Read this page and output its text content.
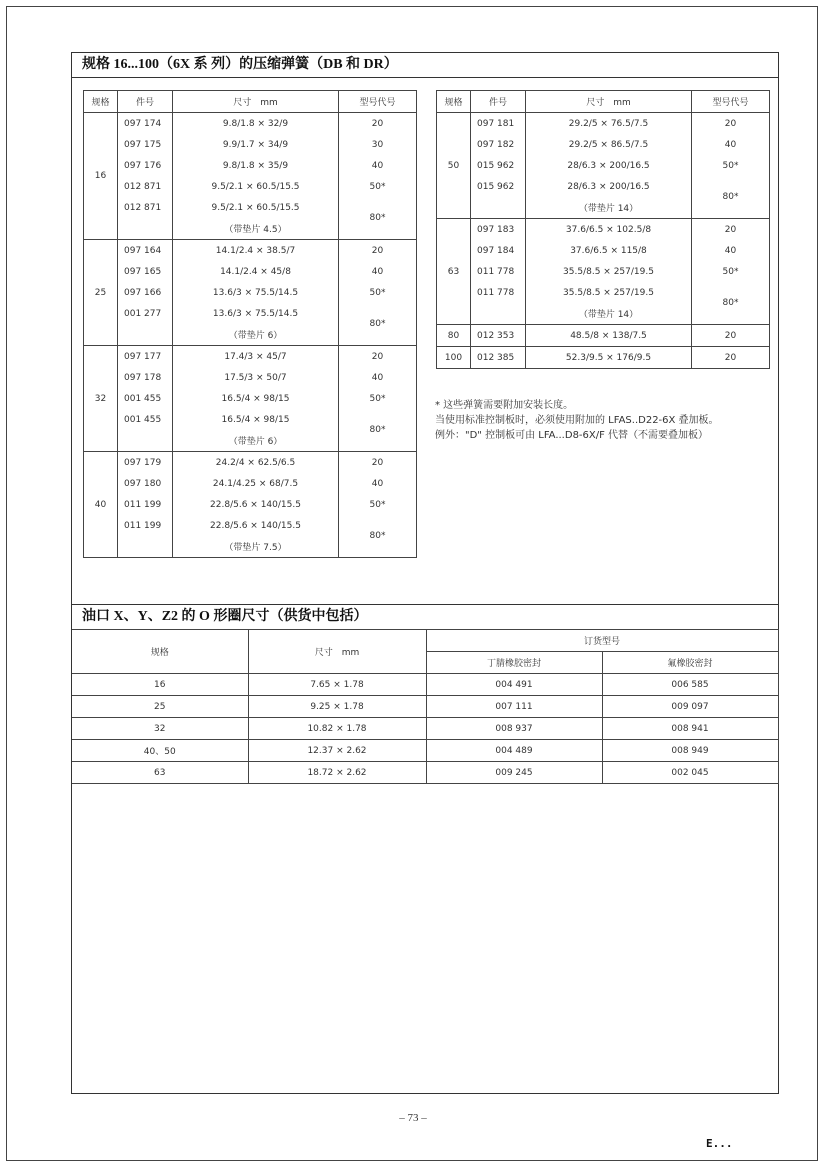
规格 16...100（6X 系 列）的压缩弹簧（DB 和 DR）
规格	件号	尺寸　mm	型号代号
16	097 174	9.8/1.8 × 32/9	20
	097 175	9.9/1.7 × 34/9	30
	097 176	9.8/1.8 × 35/9	40
	012 871	9.5/2.1 × 60.5/15.5	50*
	012 871	9.5/2.1 × 60.5/15.5	80*
		（带垫片 4.5）	
25	097 164	14.1/2.4 × 38.5/7	20
	097 165	14.1/2.4 × 45/8	40
	097 166	13.6/3 × 75.5/14.5	50*
	001 277	13.6/3 × 75.5/14.5	80*
		（带垫片 6）	
32	097 177	17.4/3 × 45/7	20
	097 178	17.5/3 × 50/7	40
	001 455	16.5/4 × 98/15	50*
	001 455	16.5/4 × 98/15	80*
		（带垫片 6）	
40	097 179	24.2/4 × 62.5/6.5	20
	097 180	24.1/4.25 × 68/7.5	40
	011 199	22.8/5.6 × 140/15.5	50*
	011 199	22.8/5.6 × 140/15.5	80*
		（带垫片 7.5）	
规格	件号	尺寸　mm	型号代号
50	097 181	29.2/5 × 76.5/7.5	20
	097 182	29.2/5 × 86.5/7.5	40
	015 962	28/6.3 × 200/16.5	50*
	015 962	28/6.3 × 200/16.5	80*
		（带垫片 14）	
63	097 183	37.6/6.5 × 102.5/8	20
	097 184	37.6/6.5 × 115/8	40
	011 778	35.5/8.5 × 257/19.5	50*
	011 778	35.5/8.5 × 257/19.5	80*
		（带垫片 14）	
80	012 353	48.5/8 × 138/7.5	20
100	012 385	52.3/9.5 × 176/9.5	20
* 这些弹簧需要附加安装长度。
当使用标准控制板时，必须使用附加的 LFAS..D22-6X 叠加板。
例外："D" 控制板可由 LFA...D8-6X/F 代替（不需要叠加板）
油口 X、Y、Z2 的 O 形圈尺寸（供货中包括）
规格	尺寸　mm	订货型号	
		丁腈橡胶密封	氟橡胶密封
16	7.65 × 1.78	004 491	006 585
25	9.25 × 1.78	007 111	009 097
32	10.82 × 1.78	008 937	008 941
40、50	12.37 × 2.62	004 489	008 949
63	18.72 × 2.62	009 245	002 045
– 73 –
E...
